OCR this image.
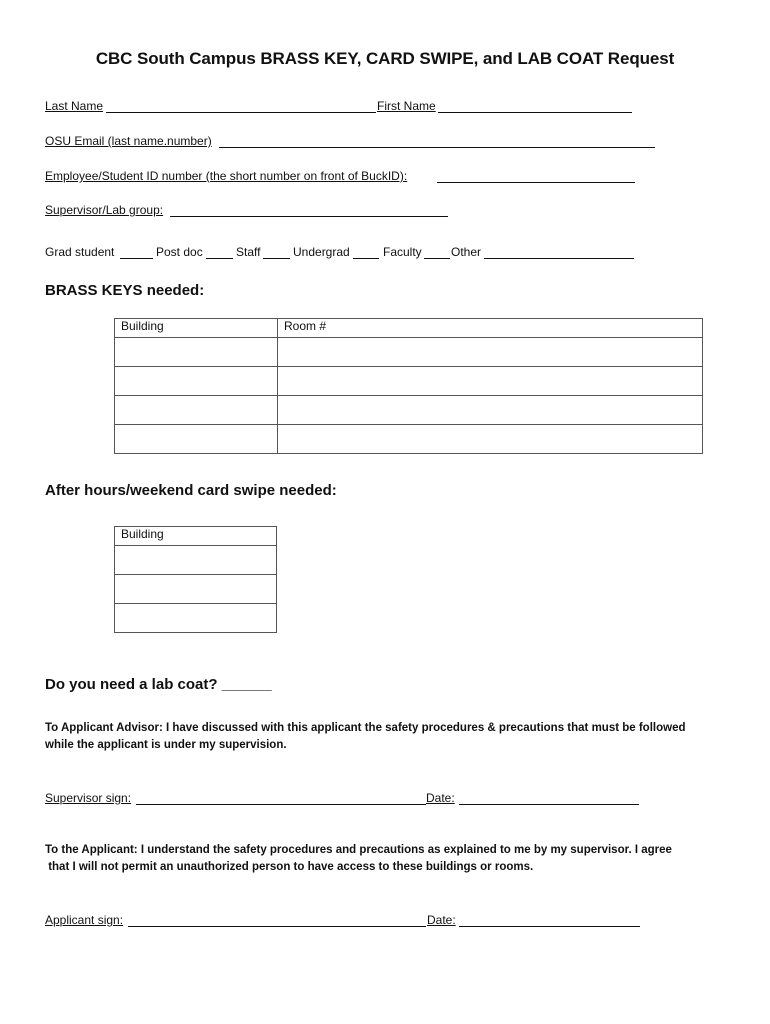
CBC South Campus BRASS KEY, CARD SWIPE, and LAB COAT Request
Last Name	First Name
OSU Email (last name.number)
Employee/Student ID number (the short number on front of BuckID):
Supervisor/Lab group:
Grad student	Post doc	Staff	Undergrad	Faculty Other
BRASS KEYS needed:
Building	Room #

After hours/weekend card swipe needed:
Building

Do you need a lab coat? ______
To Applicant Advisor: I have discussed with this applicant the safety procedures & precautions that must be followed
while the applicant is under my supervision.
Supervisor sign:	Date:
To the Applicant: I understand the safety procedures and precautions as explained to me by my supervisor. I agree
that I will not permit an unauthorized person to have access to these buildings or rooms.
Applicant sign:	Date:
